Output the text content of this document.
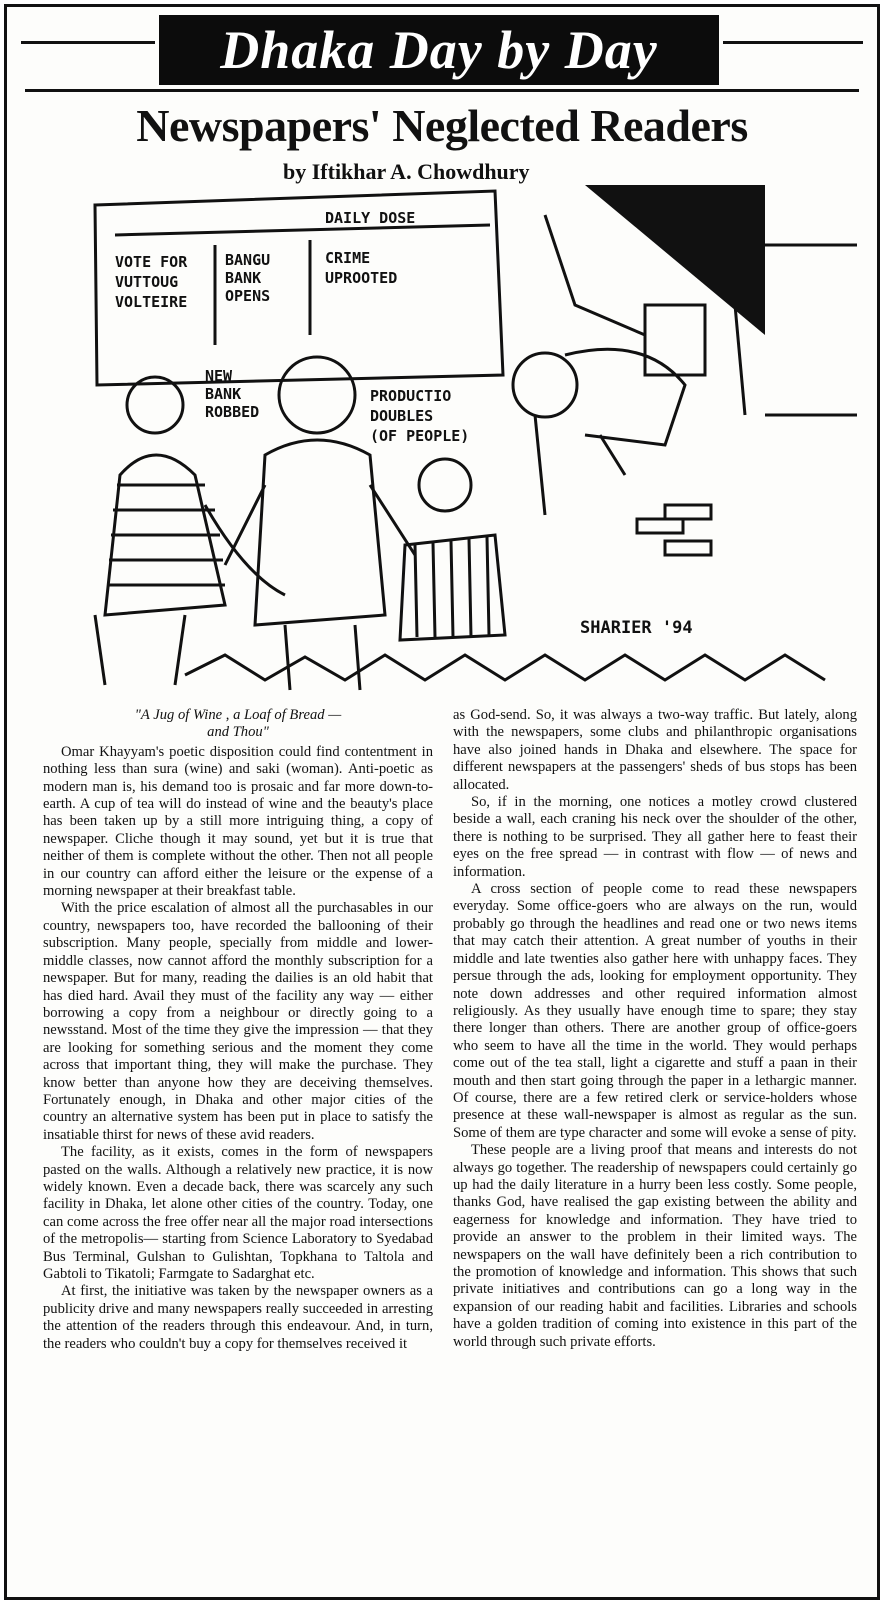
Dhaka Day by Day
Newspapers' Neglected Readers
by Iftikhar A. Chowdhury
DAILY DOSE
VOTE FOR
VUTTOUG
VOLTEIRE
BANGU
BANK
OPENS
CRIME
UPROOTED
NEW
BANK
ROBBED
PRODUCTIO
DOUBLES
(OF PEOPLE)
SHARIER '94
"A Jug of Wine , a Loaf of Bread —
and Thou"

Omar Khayyam's poetic disposition could find contentment in nothing less than sura (wine) and saki (woman). Anti-poetic as modern man is, his demand too is prosaic and far more down-to-earth. A cup of tea will do instead of wine and the beauty's place has been taken up by a still more intriguing thing, a copy of newspaper. Cliche though it may sound, yet but it is true that neither of them is complete without the other. Then not all people in our country can afford either the leisure or the expense of a morning newspaper at their breakfast table.

With the price escalation of almost all the purchasables in our country, newspapers too, have recorded the ballooning of their subscription. Many people, specially from middle and lower-middle classes, now cannot afford the monthly subscription for a newspaper. But for many, reading the dailies is an old habit that has died hard. Avail they must of the facility any way — either borrowing a copy from a neighbour or directly going to a newsstand. Most of the time they give the impression — that they are looking for something serious and the moment they come across that important thing, they will make the purchase. They know better than anyone how they are deceiving themselves. Fortunately enough, in Dhaka and other major cities of the country an alternative system has been put in place to satisfy the insatiable thirst for news of these avid readers.

The facility, as it exists, comes in the form of newspapers pasted on the walls. Although a relatively new practice, it is now widely known. Even a decade back, there was scarcely any such facility in Dhaka, let alone other cities of the country. Today, one can come across the free offer near all the major road intersections of the metropolis— starting from Science Laboratory to Syedabad Bus Terminal, Gulshan to Gulishtan, Topkhana to Taltola and Gabtoli to Tikatoli; Farmgate to Sadarghat etc.

At first, the initiative was taken by the newspaper owners as a publicity drive and many newspapers really succeeded in arresting the attention of the readers through this endeavour. And, in turn, the readers who couldn't buy a copy for themselves received it

as God-send. So, it was always a two-way traffic. But lately, along with the newspapers, some clubs and philanthropic organisations have also joined hands in Dhaka and elsewhere. The space for different newspapers at the passengers' sheds of bus stops has been allocated.

So, if in the morning, one notices a motley crowd clustered beside a wall, each craning his neck over the shoulder of the other, there is nothing to be surprised. They all gather here to feast their eyes on the free spread — in contrast with flow — of news and information.

A cross section of people come to read these newspapers everyday. Some office-goers who are always on the run, would probably go through the headlines and read one or two news items that may catch their attention. A great number of youths in their middle and late twenties also gather here with unhappy faces. They persue through the ads, looking for employment opportunity. They note down addresses and other required information almost religiously. As they usually have enough time to spare; they stay there longer than others. There are another group of office-goers who seem to have all the time in the world. They would perhaps come out of the tea stall, light a cigarette and stuff a paan in their mouth and then start going through the paper in a lethargic manner. Of course, there are a few retired clerk or service-holders whose presence at these wall-newspaper is almost as regular as the sun. Some of them are type character and some will evoke a sense of pity.

These people are a living proof that means and interests do not always go together. The readership of newspapers could certainly go up had the daily literature in a hurry been less costly. Some people, thanks God, have realised the gap existing between the ability and eagerness for knowledge and information. They have tried to provide an answer to the problem in their limited ways. The newspapers on the wall have definitely been a rich contribution to the promotion of knowledge and information. This shows that such private initiatives and contributions can go a long way in the expansion of our reading habit and facilities. Libraries and schools have a golden tradition of coming into existence in this part of the world through such private efforts.
